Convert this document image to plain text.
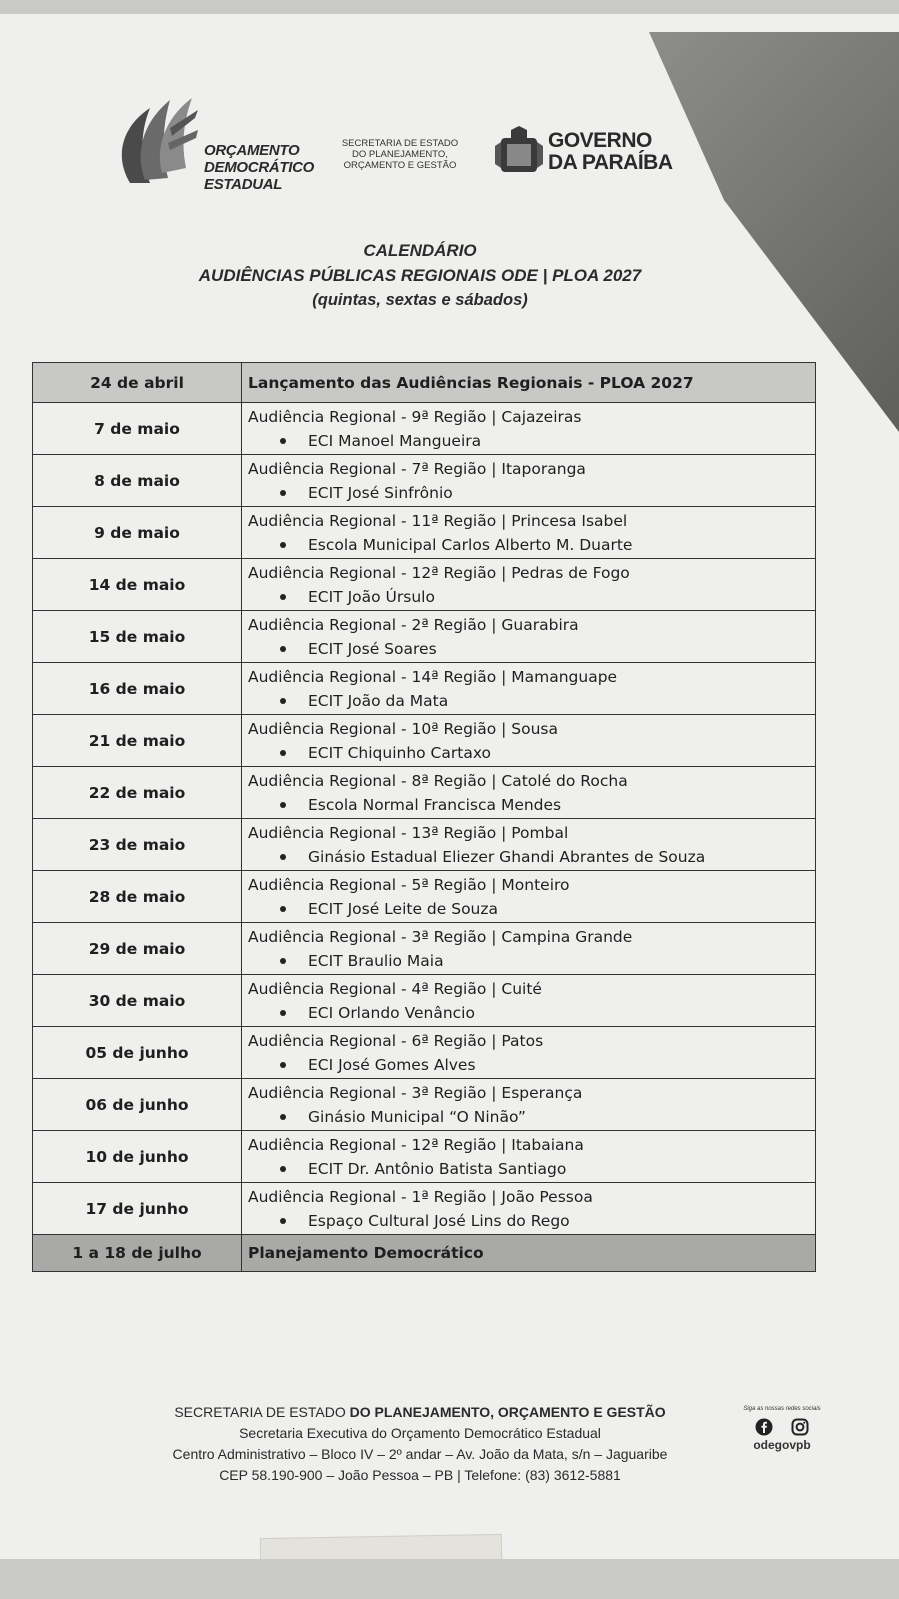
ORÇAMENTO
DEMOCRÁTICO
ESTADUAL
SECRETARIA DE ESTADO
DO PLANEJAMENTO,
ORÇAMENTO E GESTÃO
GOVERNO
DA PARAÍBA
CALENDÁRIO
AUDIÊNCIAS PÚBLICAS REGIONAIS ODE | PLOA 2027
(quintas, sextas e sábados)
24 de abril	Lançamento das Audiências Regionais - PLOA 2027
7 de maio	Audiência Regional - 9ª Região | Cajazeiras
ECI Manoel Mangueira

8 de maio	Audiência Regional - 7ª Região | Itaporanga
ECIT José Sinfrônio

9 de maio	Audiência Regional - 11ª Região | Princesa Isabel
Escola Municipal Carlos Alberto M. Duarte

14 de maio	Audiência Regional - 12ª Região | Pedras de Fogo
ECIT João Úrsulo

15 de maio	Audiência Regional - 2ª Região | Guarabira
ECIT José Soares

16 de maio	Audiência Regional - 14ª Região | Mamanguape
ECIT João da Mata

21 de maio	Audiência Regional - 10ª Região | Sousa
ECIT Chiquinho Cartaxo

22 de maio	Audiência Regional - 8ª Região | Catolé do Rocha
Escola Normal Francisca Mendes

23 de maio	Audiência Regional - 13ª Região | Pombal
Ginásio Estadual Eliezer Ghandi Abrantes de Souza

28 de maio	Audiência Regional - 5ª Região | Monteiro
ECIT José Leite de Souza

29 de maio	Audiência Regional - 3ª Região | Campina Grande
ECIT Braulio Maia

30 de maio	Audiência Regional - 4ª Região | Cuité
ECI Orlando Venâncio

05 de junho	Audiência Regional - 6ª Região | Patos
ECI José Gomes Alves

06 de junho	Audiência Regional - 3ª Região | Esperança
Ginásio Municipal “O Ninão”

10 de junho	Audiência Regional - 12ª Região | Itabaiana
ECIT Dr. Antônio Batista Santiago

17 de junho	Audiência Regional - 1ª Região | João Pessoa
Espaço Cultural José Lins do Rego

1 a 18 de julho	Planejamento Democrático
SECRETARIA DE ESTADO DO PLANEJAMENTO, ORÇAMENTO E GESTÃO
Secretaria Executiva do Orçamento Democrático Estadual
Centro Administrativo – Bloco IV – 2º andar – Av. João da Mata, s/n – Jaguaribe
CEP 58.190-900 – João Pessoa – PB | Telefone: (83) 3612-5881
Siga as nossas redes sociais

odegovpb
